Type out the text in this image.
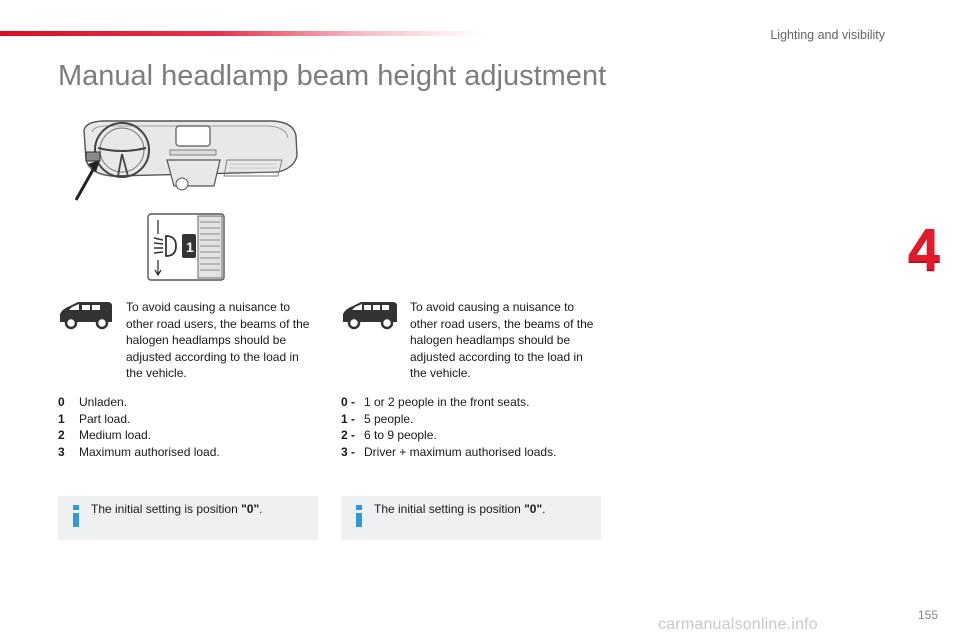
Lighting and visibility
4
Manual headlamp beam height adjustment
1
To avoid causing a nuisance to other road users, the beams of the halogen headlamps should be adjusted according to the load in the vehicle.
0	Unladen.
1	Part load.
2	Medium load.
3	Maximum authorised load.
The initial setting is position "0".
To avoid causing a nuisance to other road users, the beams of the halogen headlamps should be adjusted according to the load in the vehicle.
0 - 1 or 2 people in the front seats.
1 - 5 people.
2 - 6 to 9 people.
3 - Driver + maximum authorised loads.
The initial setting is position "0".
155
carmanualsonline.info
